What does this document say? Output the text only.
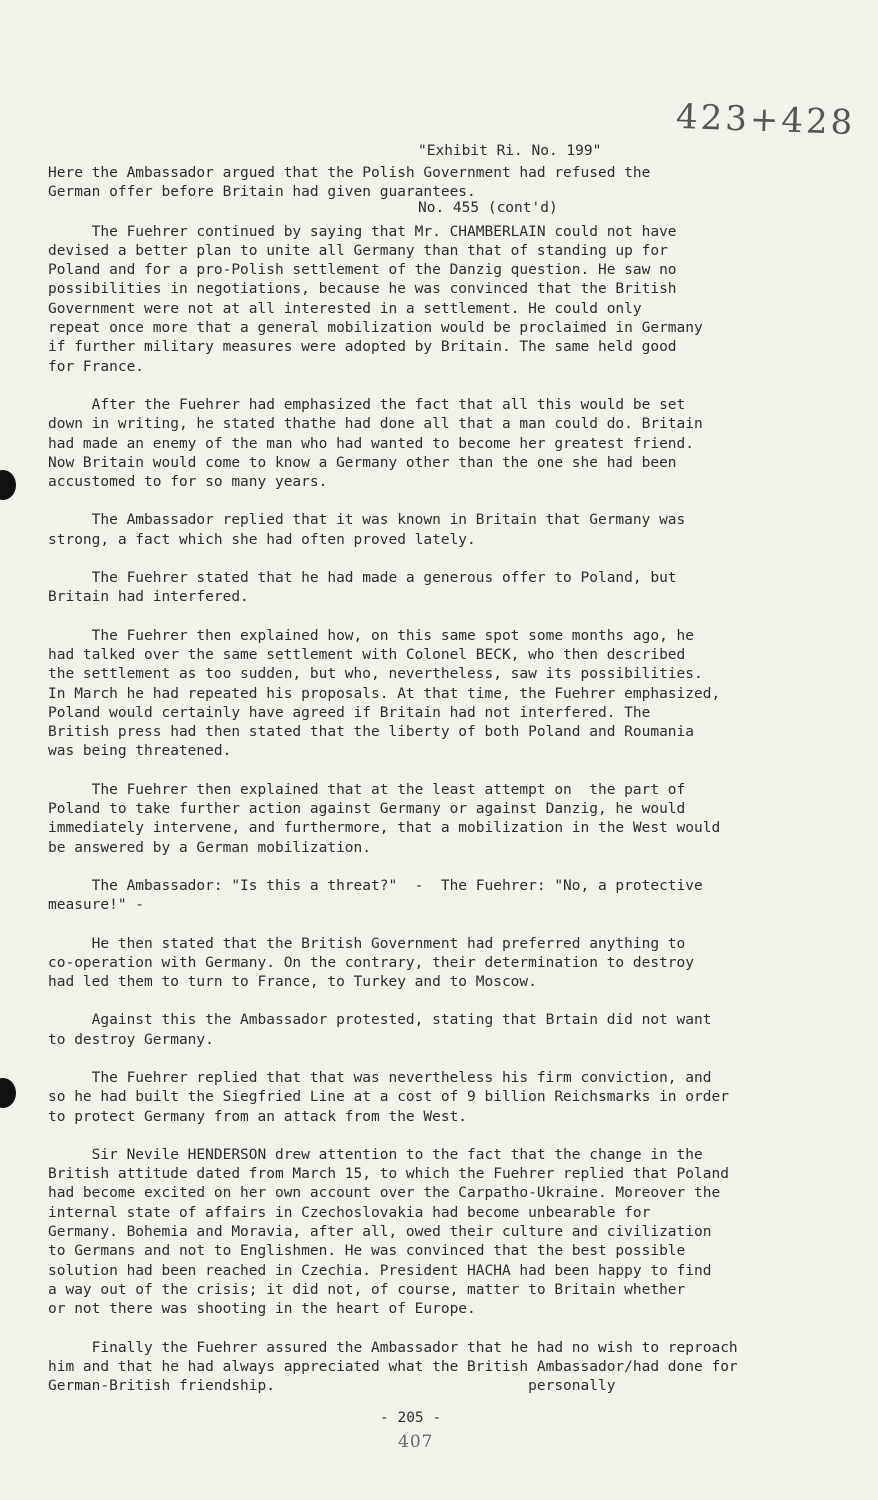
"Exhibit Ri. No. 199"

No. 455 (cont'd)

423+428

Here the Ambassador argued that the Polish Government had refused the
German offer before Britain had given guarantees.

The Fuehrer continued by saying that Mr. CHAMBERLAIN could not have
devised a better plan to unite all Germany than that of standing up for
Poland and for a pro-Polish settlement of the Danzig question. He saw no
possibilities in negotiations, because he was convinced that the British
Government were not at all interested in a settlement. He could only
repeat once more that a general mobilization would be proclaimed in Germany
if further military measures were adopted by Britain. The same held good
for France.

After the Fuehrer had emphasized the fact that all this would be set
down in writing, he stated thathe had done all that a man could do. Britain
had made an enemy of the man who had wanted to become her greatest friend.
Now Britain would come to know a Germany other than the one she had been
accustomed to for so many years.

The Ambassador replied that it was known in Britain that Germany was
strong, a fact which she had often proved lately.

The Fuehrer stated that he had made a generous offer to Poland, but
Britain had interfered.

The Fuehrer then explained how, on this same spot some months ago, he
had talked over the same settlement with Colonel BECK, who then described
the settlement as too sudden, but who, nevertheless, saw its possibilities.
In March he had repeated his proposals. At that time, the Fuehrer emphasized,
Poland would certainly have agreed if Britain had not interfered. The
British press had then stated that the liberty of both Poland and Roumania
was being threatened.

The Fuehrer then explained that at the least attempt on  the part of
Poland to take further action against Germany or against Danzig, he would
immediately intervene, and furthermore, that a mobilization in the West would
be answered by a German mobilization.

The Ambassador: "Is this a threat?"  -  The Fuehrer: "No, a protective
measure!" -

He then stated that the British Government had preferred anything to
co-operation with Germany. On the contrary, their determination to destroy
had led them to turn to France, to Turkey and to Moscow.

Against this the Ambassador protested, stating that Brtain did not want
to destroy Germany.

The Fuehrer replied that that was nevertheless his firm conviction, and
so he had built the Siegfried Line at a cost of 9 billion Reichsmarks in order
to protect Germany from an attack from the West.

Sir Nevile HENDERSON drew attention to the fact that the change in the
British attitude dated from March 15, to which the Fuehrer replied that Poland
had become excited on her own account over the Carpatho-Ukraine. Moreover the
internal state of affairs in Czechoslovakia had become unbearable for
Germany. Bohemia and Moravia, after all, owed their culture and civilization
to Germans and not to Englishmen. He was convinced that the best possible
solution had been reached in Czechia. President HACHA had been happy to find
a way out of the crisis; it did not, of course, matter to Britain whether
or not there was shooting in the heart of Europe.

Finally the Fuehrer assured the Ambassador that he had no wish to reproach
him and that he had always appreciated what the British Ambassador/had done for
German-British friendship.                             personally

- 205 -
407
